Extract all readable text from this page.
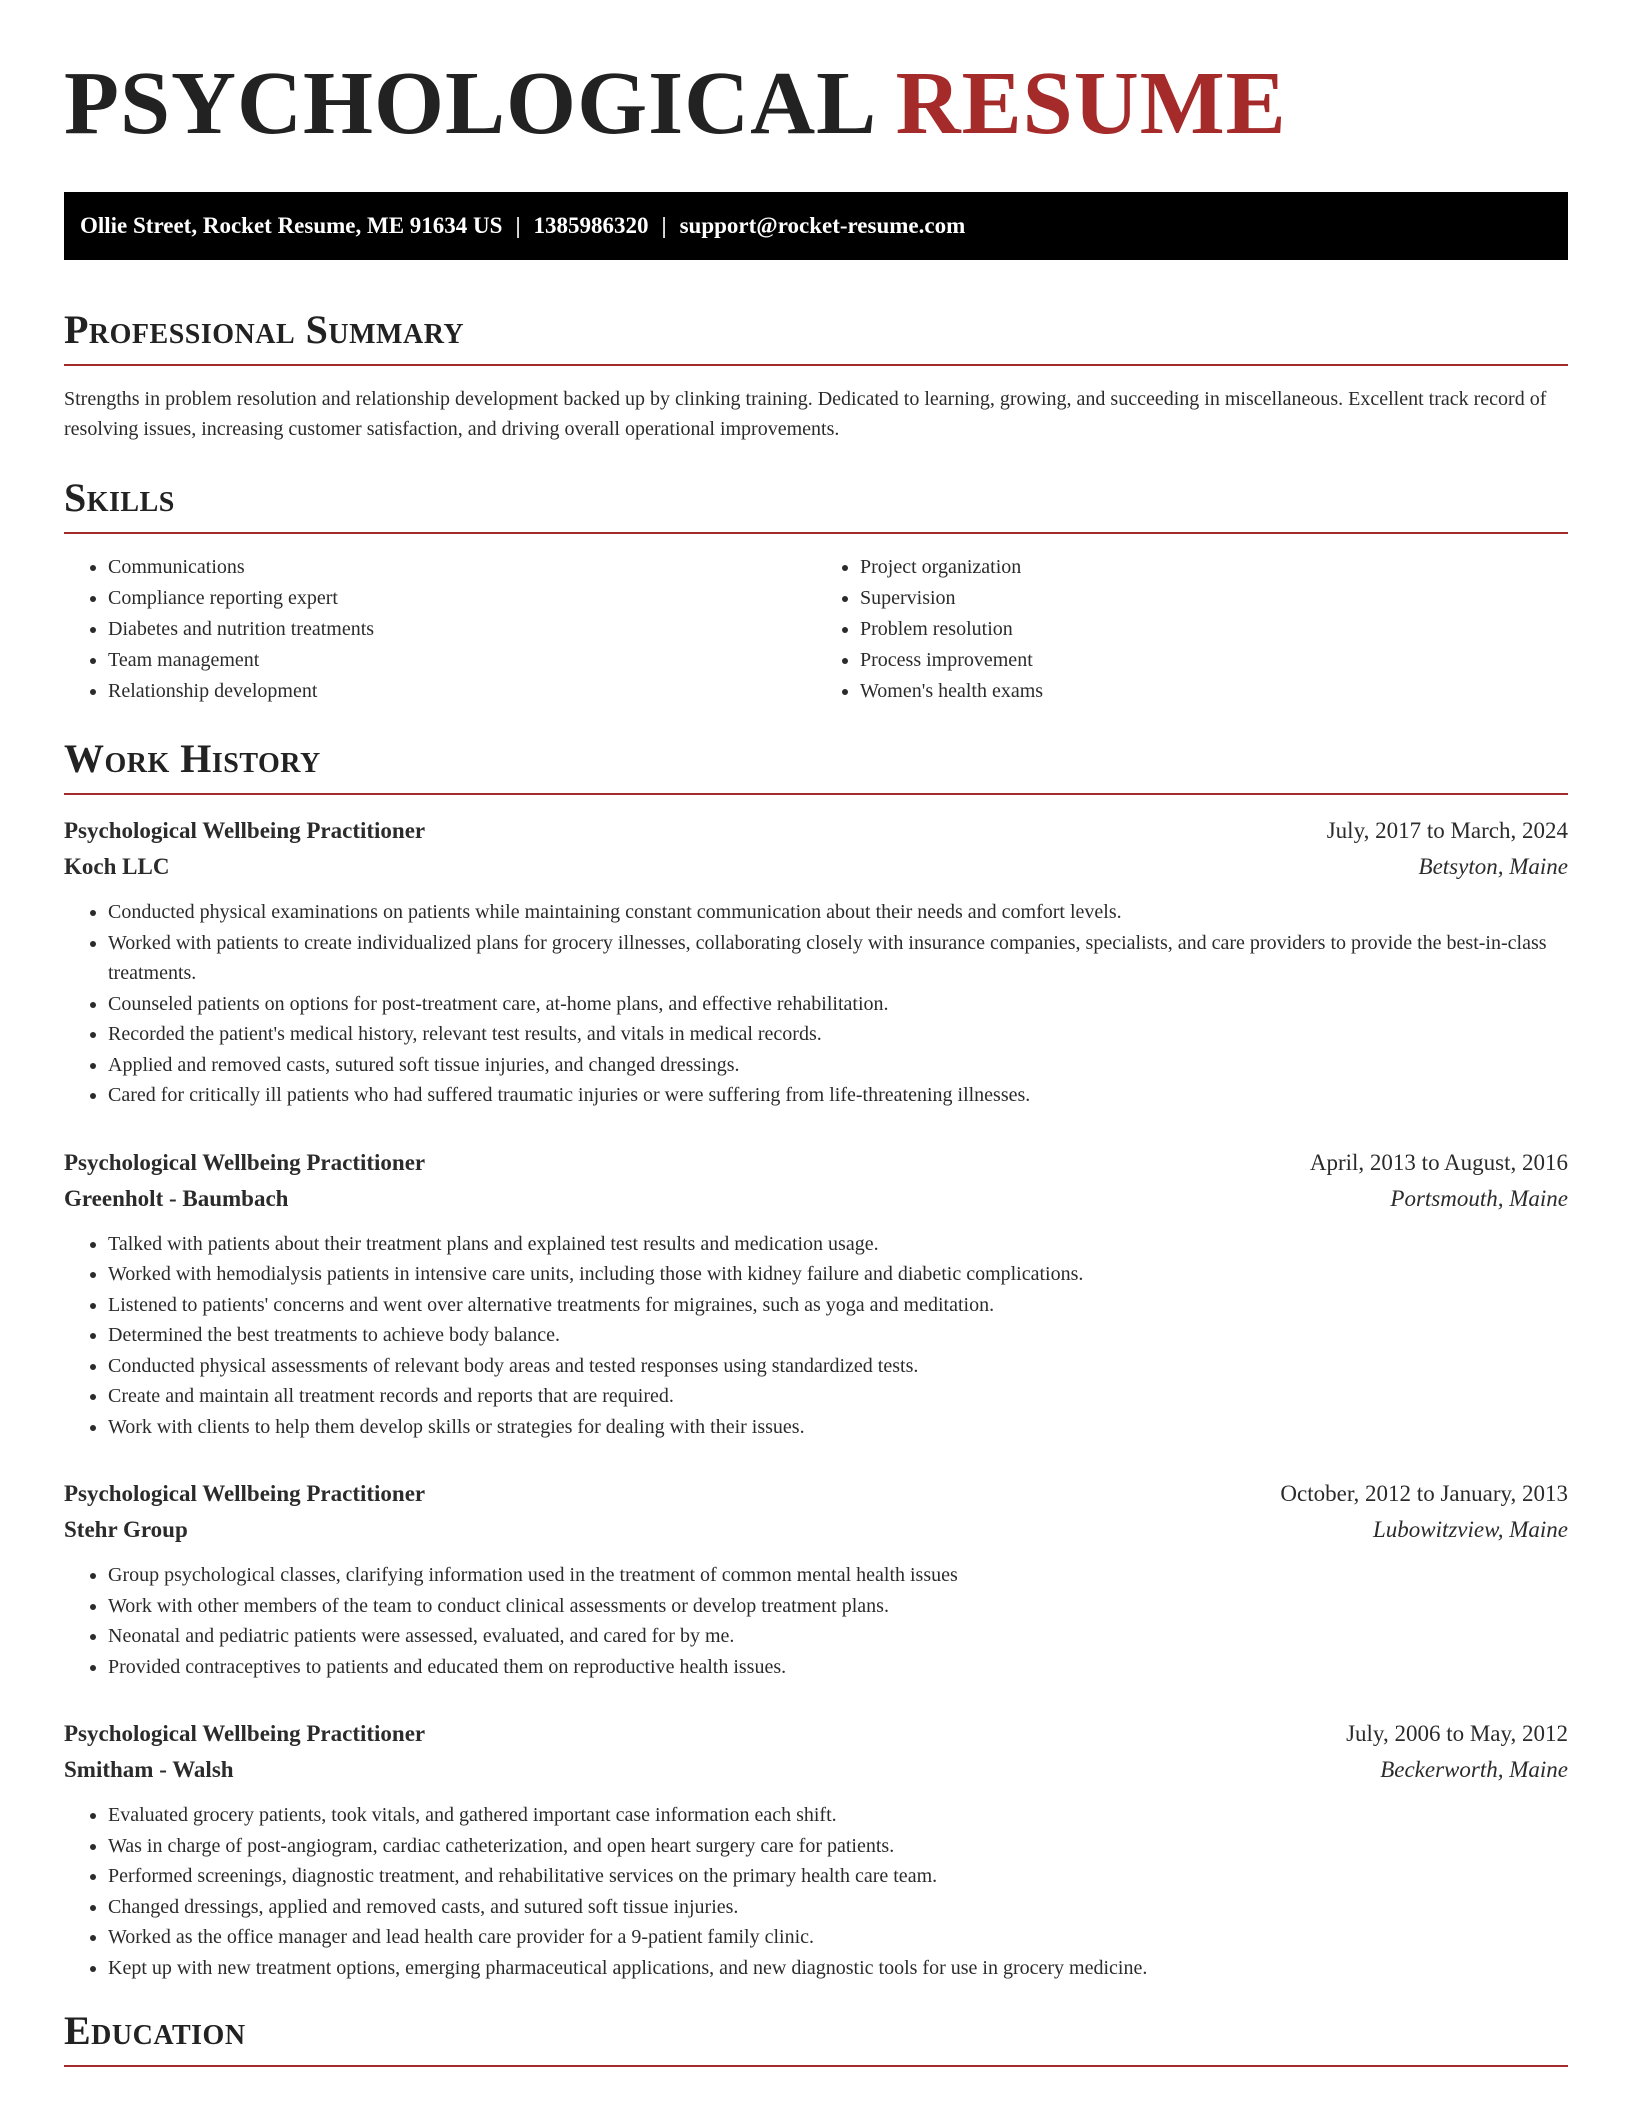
PSYCHOLOGICAL RESUME
Ollie Street, Rocket Resume, ME 91634 US | 1385986320 | support@rocket-resume.com
Professional Summary

Strengths in problem resolution and relationship development backed up by clinking training. Dedicated to learning, growing, and succeeding in miscellaneous. Excellent track record of resolving issues, increasing customer satisfaction, and driving overall operational improvements.

Skills
• Communications
• Compliance reporting expert
• Diabetes and nutrition treatments
• Team management
• Relationship development
• Project organization
• Supervision
• Problem resolution
• Process improvement
• Women's health exams
Work History
Psychological Wellbeing Practitioner	July, 2017 to March, 2024
Koch LLC	Betsyton, Maine
• Conducted physical examinations on patients while maintaining constant communication about their needs and comfort levels.
• Worked with patients to create individualized plans for grocery illnesses, collaborating closely with insurance companies, specialists, and care providers to provide the best-in-class treatments.
• Counseled patients on options for post-treatment care, at-home plans, and effective rehabilitation.
• Recorded the patient's medical history, relevant test results, and vitals in medical records.
• Applied and removed casts, sutured soft tissue injuries, and changed dressings.
• Cared for critically ill patients who had suffered traumatic injuries or were suffering from life-threatening illnesses.
Psychological Wellbeing Practitioner	April, 2013 to August, 2016
Greenholt - Baumbach	Portsmouth, Maine
• Talked with patients about their treatment plans and explained test results and medication usage.
• Worked with hemodialysis patients in intensive care units, including those with kidney failure and diabetic complications.
• Listened to patients' concerns and went over alternative treatments for migraines, such as yoga and meditation.
• Determined the best treatments to achieve body balance.
• Conducted physical assessments of relevant body areas and tested responses using standardized tests.
• Create and maintain all treatment records and reports that are required.
• Work with clients to help them develop skills or strategies for dealing with their issues.
Psychological Wellbeing Practitioner	October, 2012 to January, 2013
Stehr Group	Lubowitzview, Maine
• Group psychological classes, clarifying information used in the treatment of common mental health issues
• Work with other members of the team to conduct clinical assessments or develop treatment plans.
• Neonatal and pediatric patients were assessed, evaluated, and cared for by me.
• Provided contraceptives to patients and educated them on reproductive health issues.
Psychological Wellbeing Practitioner	July, 2006 to May, 2012
Smitham - Walsh	Beckerworth, Maine
• Evaluated grocery patients, took vitals, and gathered important case information each shift.
• Was in charge of post-angiogram, cardiac catheterization, and open heart surgery care for patients.
• Performed screenings, diagnostic treatment, and rehabilitative services on the primary health care team.
• Changed dressings, applied and removed casts, and sutured soft tissue injuries.
• Worked as the office manager and lead health care provider for a 9-patient family clinic.
• Kept up with new treatment options, emerging pharmaceutical applications, and new diagnostic tools for use in grocery medicine.
Education
